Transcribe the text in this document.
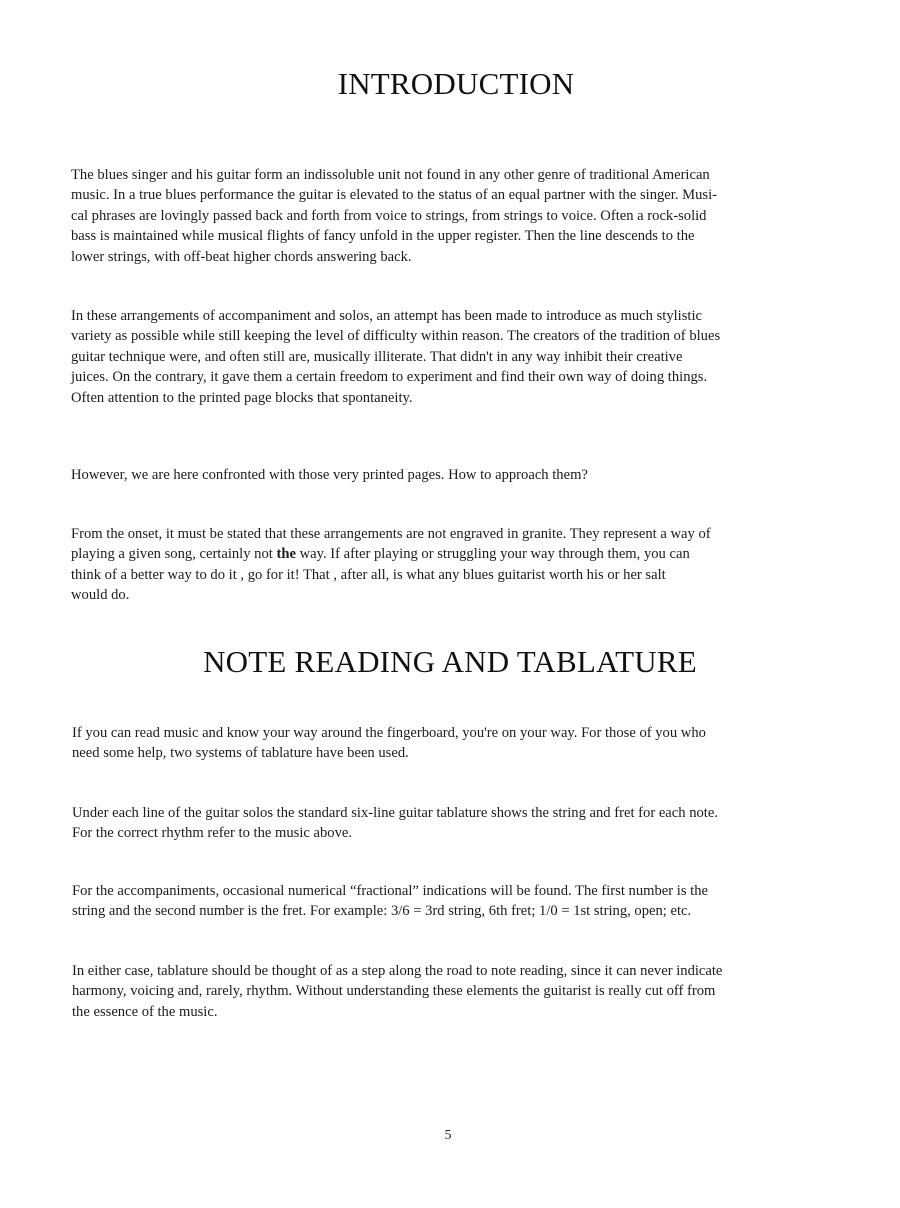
INTRODUCTION

The blues singer and his guitar form an indissoluble unit not found in any other genre of traditional American
music. In a true blues performance the guitar is elevated to the status of an equal partner with the singer. Musi-
cal phrases are lovingly passed back and forth from voice to strings, from strings to voice. Often a rock-solid
bass is maintained while musical flights of fancy unfold in the upper register. Then the line descends to the
lower strings, with off-beat higher chords answering back.

In these arrangements of accompaniment and solos, an attempt has been made to introduce as much stylistic
variety as possible while still keeping the level of difficulty within reason. The creators of the tradition of blues
guitar technique were, and often still are, musically illiterate. That didn't in any way inhibit their creative
juices. On the contrary, it gave them a certain freedom to experiment and find their own way of doing things.
Often attention to the printed page blocks that spontaneity.

However, we are here confronted with those very printed pages. How to approach them?

From the onset, it must be stated that these arrangements are not engraved in granite. They represent a way of
playing a given song, certainly not the way. If after playing or struggling your way through them, you can
think of a better way to do it , go for it! That , after all, is what any blues guitarist worth his or her salt
would do.

NOTE READING AND TABLATURE

If you can read music and know your way around the fingerboard, you're on your way. For those of you who
need some help, two systems of tablature have been used.

Under each line of the guitar solos the standard six-line guitar tablature shows the string and fret for each note.
For the correct rhythm refer to the music above.

For the accompaniments, occasional numerical “fractional” indications will be found. The first number is the
string and the second number is the fret. For example: 3/6 = 3rd string, 6th fret; 1/0 = 1st string, open; etc.

In either case, tablature should be thought of as a step along the road to note reading, since it can never indicate
harmony, voicing and, rarely, rhythm. Without understanding these elements the guitarist is really cut off from
the essence of the music.

5
